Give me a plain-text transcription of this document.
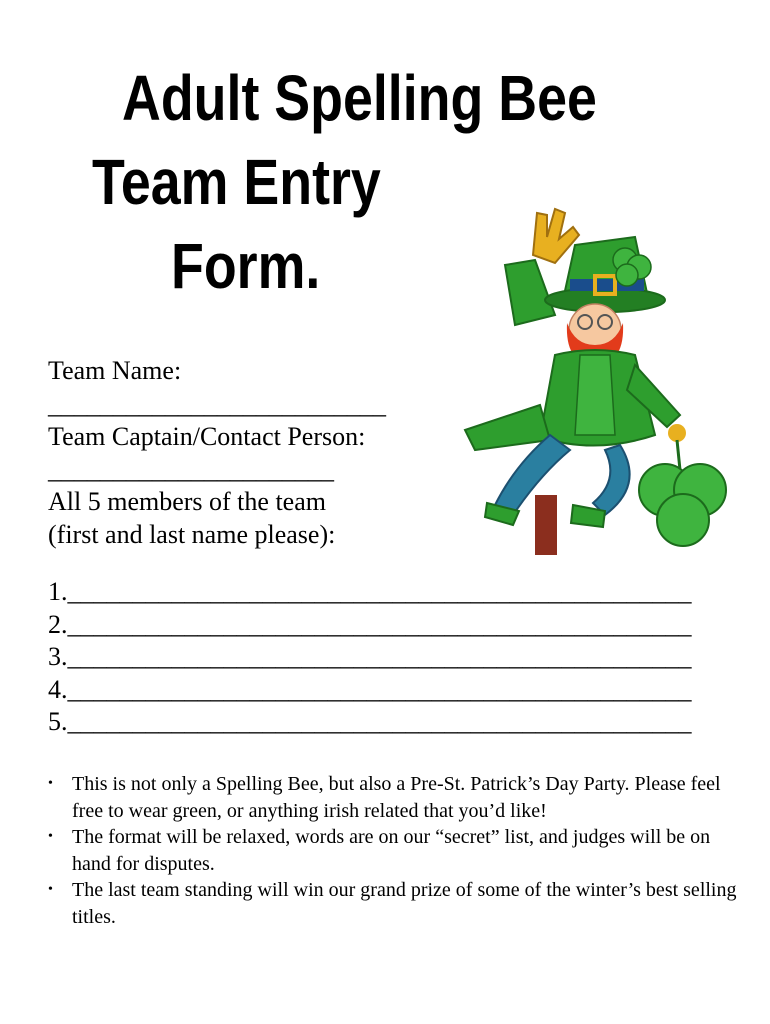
Adult Spelling Bee
Team Entry
Form.
Team Name:
__________________________
Team Captain/Contact Person:
______________________
All 5 members of the team
(first and last name please):
1.________________________________________________
2.________________________________________________
3.________________________________________________
4.________________________________________________
5.________________________________________________
• This is not only a Spelling Bee, but also a Pre-St. Patrick’s Day Party. Please feel free to wear green, or anything irish related that you’d like!
• The format will be relaxed, words are on our “secret” list, and judges will be on hand for disputes.
• The last team standing will win our grand prize of some of the winter’s best selling titles.
